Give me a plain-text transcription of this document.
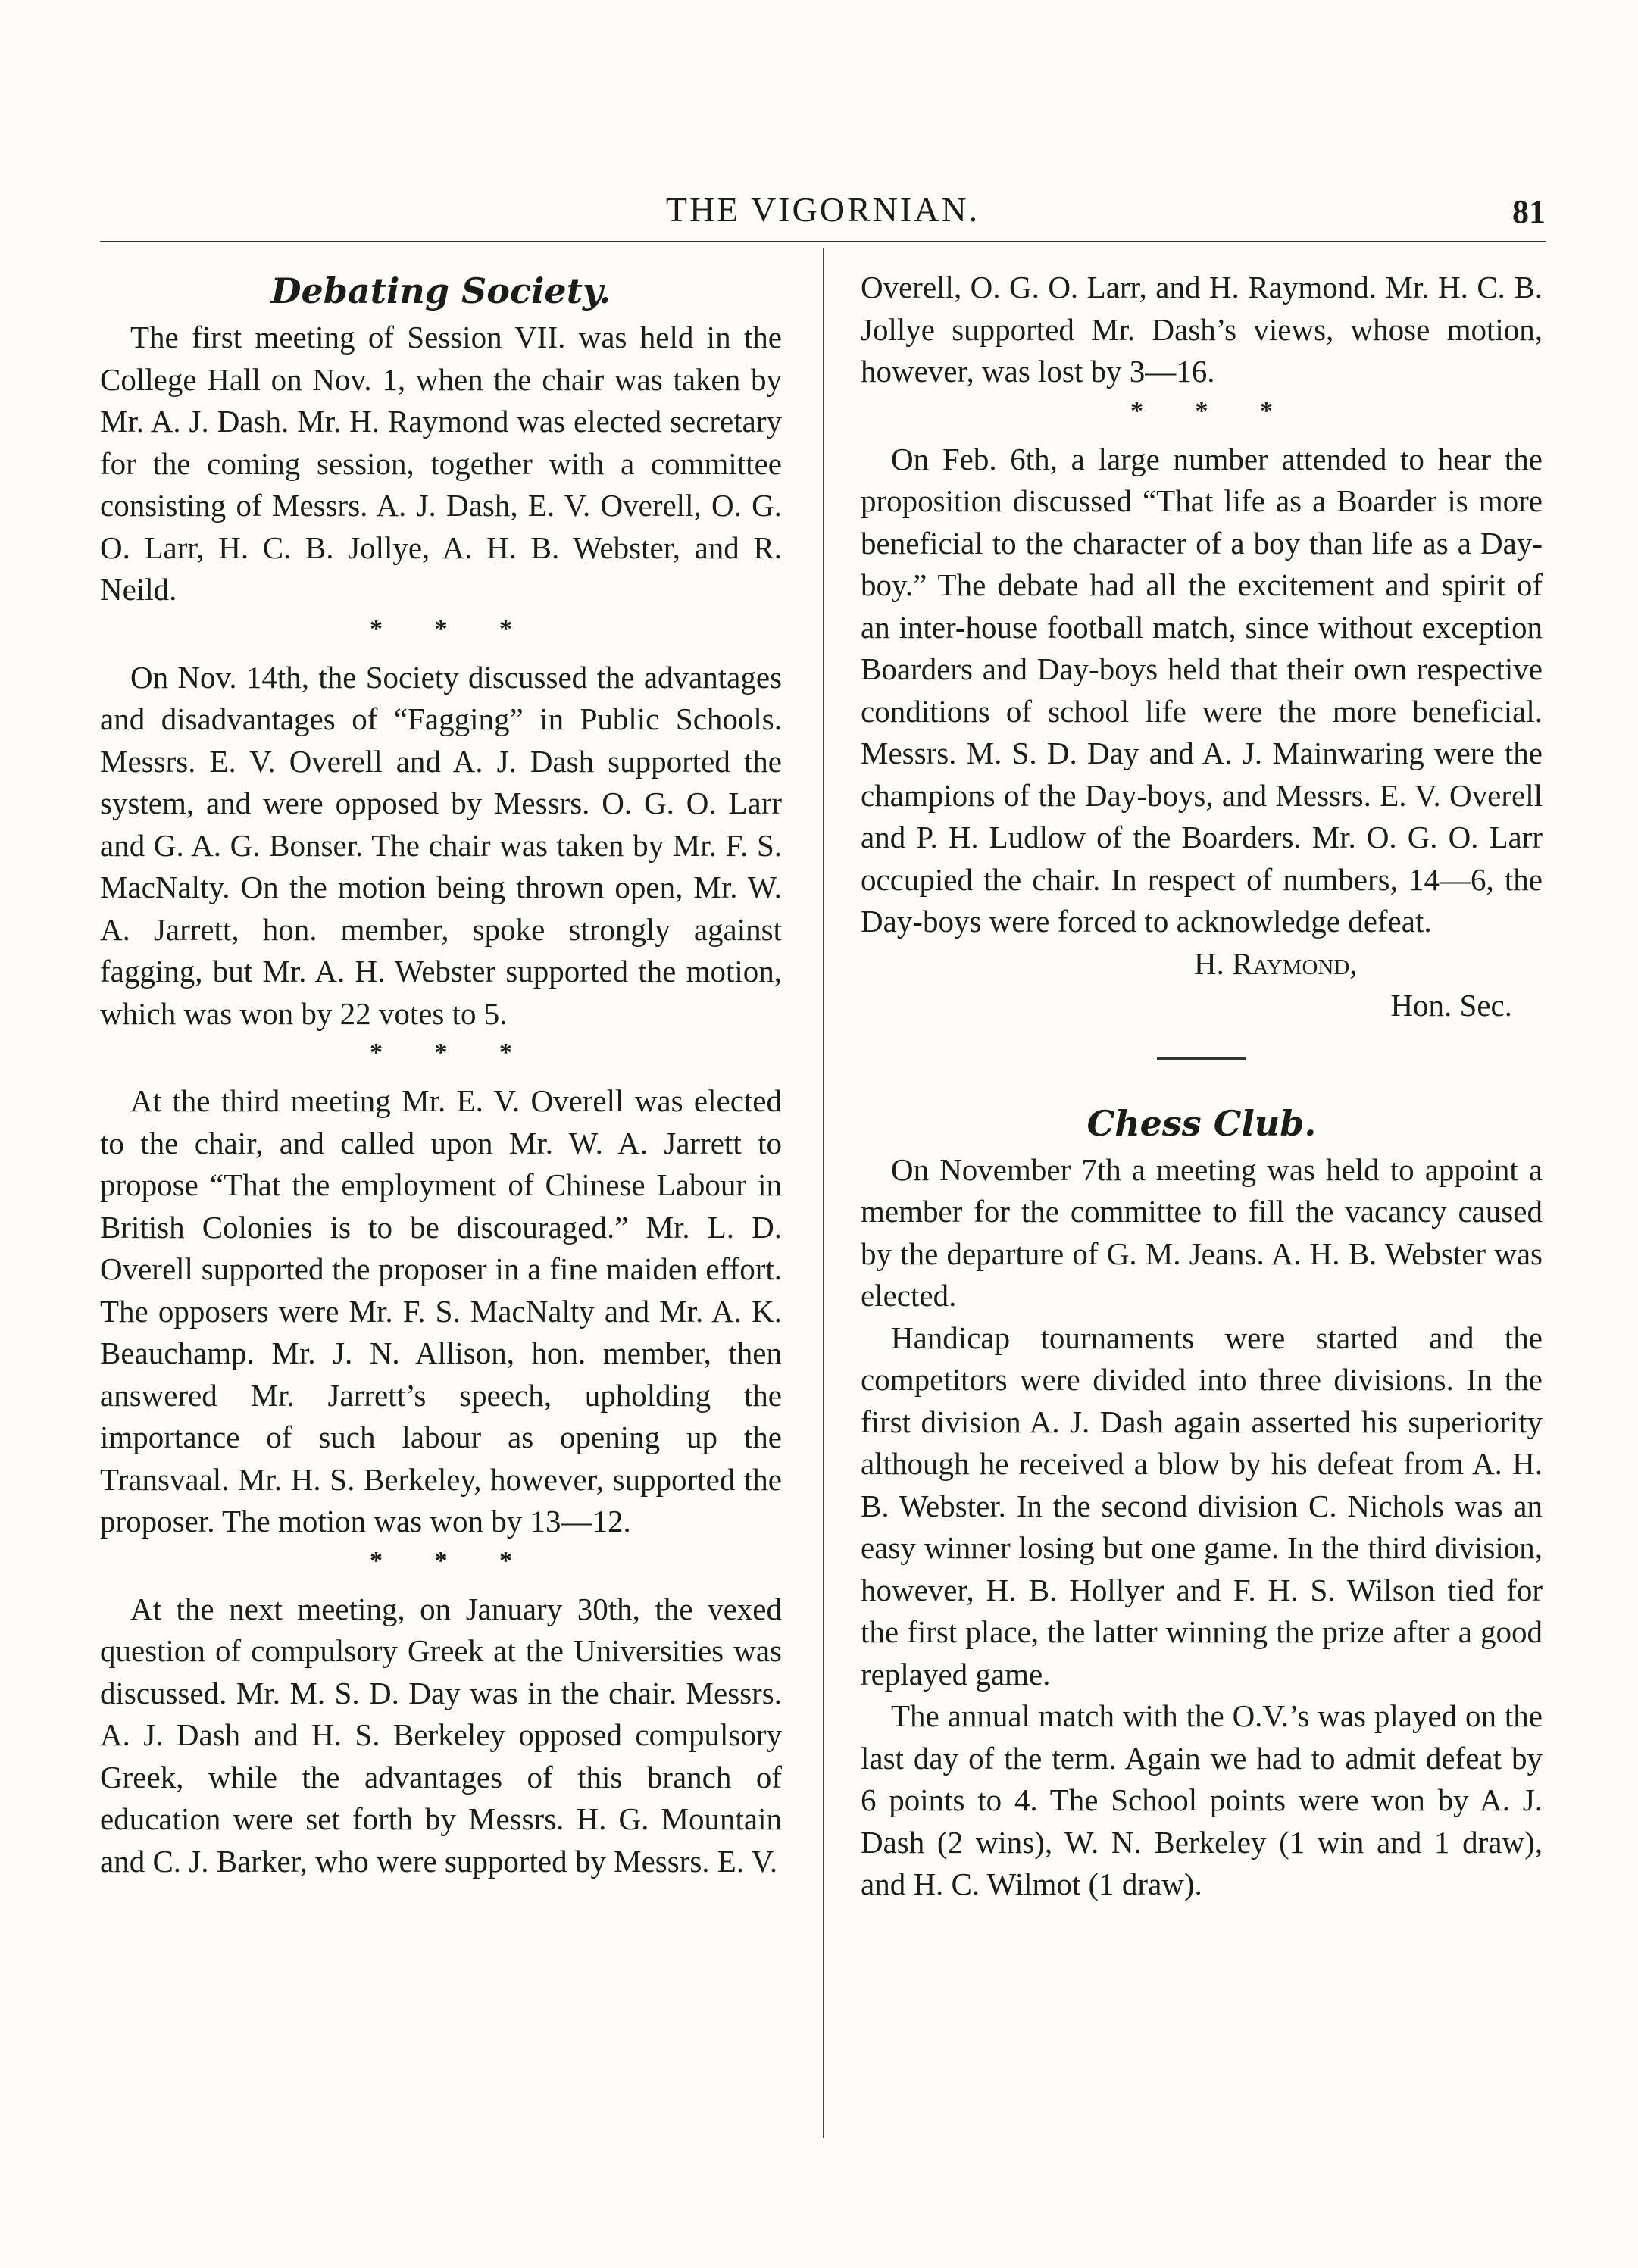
THE VIGORNIAN.	81
Debating Society.

The first meeting of Session VII. was held in the College Hall on Nov. 1, when the chair was taken by Mr. A. J. Dash. Mr. H. Raymond was elected secretary for the coming session, together with a committee consisting of Messrs. A. J. Dash, E. V. Overell, O. G. O. Larr, H. C. B. Jollye, A. H. B. Webster, and R. Neild.

* * *

On Nov. 14th, the Society discussed the advantages and disadvantages of “Fagging” in Public Schools. Messrs. E. V. Overell and A. J. Dash supported the system, and were opposed by Messrs. O. G. O. Larr and G. A. G. Bonser. The chair was taken by Mr. F. S. MacNalty. On the motion being thrown open, Mr. W. A. Jarrett, hon. member, spoke strongly against fagging, but Mr. A. H. Webster supported the motion, which was won by 22 votes to 5.

* * *

At the third meeting Mr. E. V. Overell was elected to the chair, and called upon Mr. W. A. Jarrett to propose “That the employment of Chinese Labour in British Colonies is to be discouraged.” Mr. L. D. Overell supported the proposer in a fine maiden effort. The opposers were Mr. F. S. MacNalty and Mr. A. K. Beauchamp. Mr. J. N. Allison, hon. member, then answered Mr. Jarrett’s speech, upholding the importance of such labour as opening up the Transvaal. Mr. H. S. Berkeley, however, supported the proposer. The motion was won by 13—12.

* * *

At the next meeting, on January 30th, the vexed question of compulsory Greek at the Universities was discussed. Mr. M. S. D. Day was in the chair. Messrs. A. J. Dash and H. S. Berkeley opposed compulsory Greek, while the advantages of this branch of education were set forth by Messrs. H. G. Mountain and C. J. Barker, who were supported by Messrs. E. V.

Overell, O. G. O. Larr, and H. Raymond. Mr. H. C. B. Jollye supported Mr. Dash’s views, whose motion, however, was lost by 3—16.

* * *

On Feb. 6th, a large number attended to hear the proposition discussed “That life as a Boarder is more beneficial to the character of a boy than life as a Day-boy.” The debate had all the excitement and spirit of an inter-house football match, since without exception Boarders and Day-boys held that their own respective conditions of school life were the more beneficial. Messrs. M. S. D. Day and A. J. Mainwaring were the champions of the Day-boys, and Messrs. E. V. Overell and P. H. Ludlow of the Boarders. Mr. O. G. O. Larr occupied the chair. In respect of numbers, 14—6, the Day-boys were forced to acknowledge defeat.

H. Raymond,

Hon. Sec.

Chess Club.

On November 7th a meeting was held to appoint a member for the committee to fill the vacancy caused by the departure of G. M. Jeans. A. H. B. Webster was elected.

Handicap tournaments were started and the competitors were divided into three divisions. In the first division A. J. Dash again asserted his superiority although he received a blow by his defeat from A. H. B. Webster. In the second division C. Nichols was an easy winner losing but one game. In the third division, however, H. B. Hollyer and F. H. S. Wilson tied for the first place, the latter winning the prize after a good replayed game.

The annual match with the O.V.’s was played on the last day of the term. Again we had to admit defeat by 6 points to 4. The School points were won by A. J. Dash (2 wins), W. N. Berkeley (1 win and 1 draw), and H. C. Wilmot (1 draw).
